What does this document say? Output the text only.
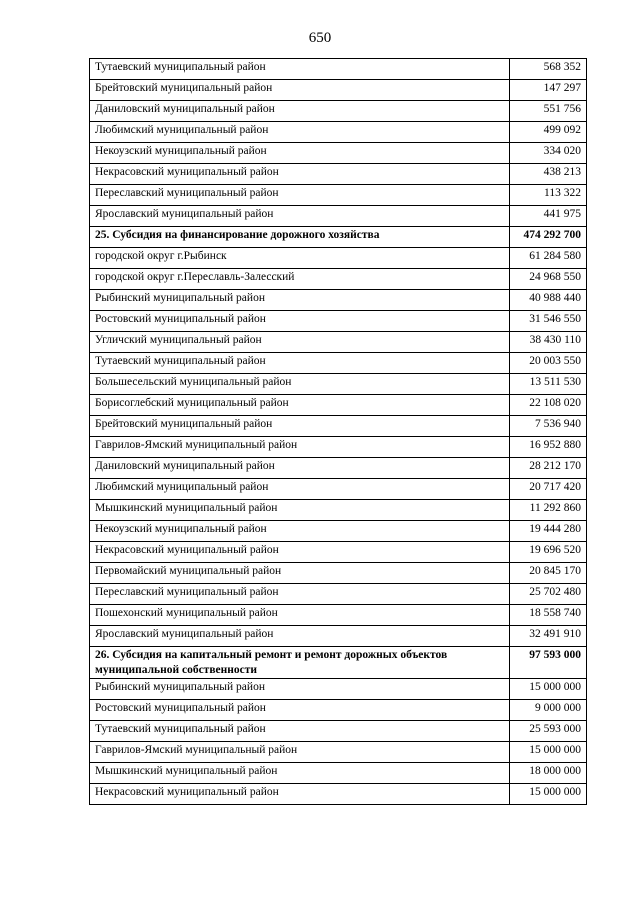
650
Тутаевский муниципальный район	568 352
Брейтовский муниципальный район	147 297
Даниловский муниципальный район	551 756
Любимский муниципальный район	499 092
Некоузский муниципальный район	334 020
Некрасовский муниципальный район	438 213
Переславский муниципальный район	113 322
Ярославский муниципальный район	441 975
25. Субсидия на финансирование дорожного хозяйства	474 292 700
городской округ г.Рыбинск	61 284 580
городской округ г.Переславль-Залесский	24 968 550
Рыбинский муниципальный район	40 988 440
Ростовский муниципальный район	31 546 550
Угличский муниципальный район	38 430 110
Тутаевский муниципальный район	20 003 550
Большесельский муниципальный район	13 511 530
Борисоглебский муниципальный район	22 108 020
Брейтовский муниципальный район	7 536 940
Гаврилов-Ямский муниципальный район	16 952 880
Даниловский муниципальный район	28 212 170
Любимский муниципальный район	20 717 420
Мышкинский муниципальный район	11 292 860
Некоузский муниципальный район	19 444 280
Некрасовский муниципальный район	19 696 520
Первомайский муниципальный район	20 845 170
Переславский муниципальный район	25 702 480
Пошехонский муниципальный район	18 558 740
Ярославский муниципальный район	32 491 910
26. Субсидия на капитальный ремонт и ремонт дорожных объектов муниципальной собственности	97 593 000
Рыбинский муниципальный район	15 000 000
Ростовский муниципальный район	9 000 000
Тутаевский муниципальный район	25 593 000
Гаврилов-Ямский муниципальный район	15 000 000
Мышкинский муниципальный район	18 000 000
Некрасовский муниципальный район	15 000 000
